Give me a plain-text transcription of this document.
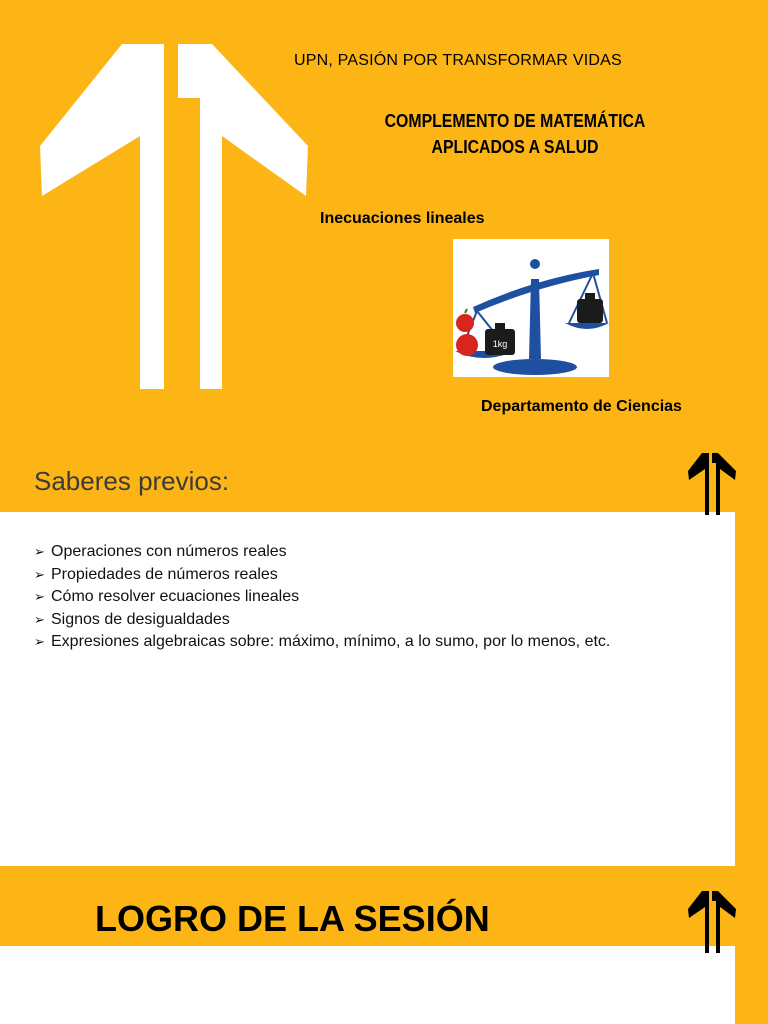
UPN, PASIÓN POR TRANSFORMAR VIDAS
COMPLEMENTO DE MATEMÁTICA
APLICADOS A SALUD
Inecuaciones lineales
1kg
Departamento de Ciencias
Saberes previos:
➢ Operaciones con números reales
➢ Propiedades de números reales
➢ Cómo resolver ecuaciones lineales
➢ Signos de desigualdades
➢ Expresiones algebraicas sobre: máximo, mínimo, a lo sumo, por lo menos, etc.
LOGRO DE LA SESIÓN
